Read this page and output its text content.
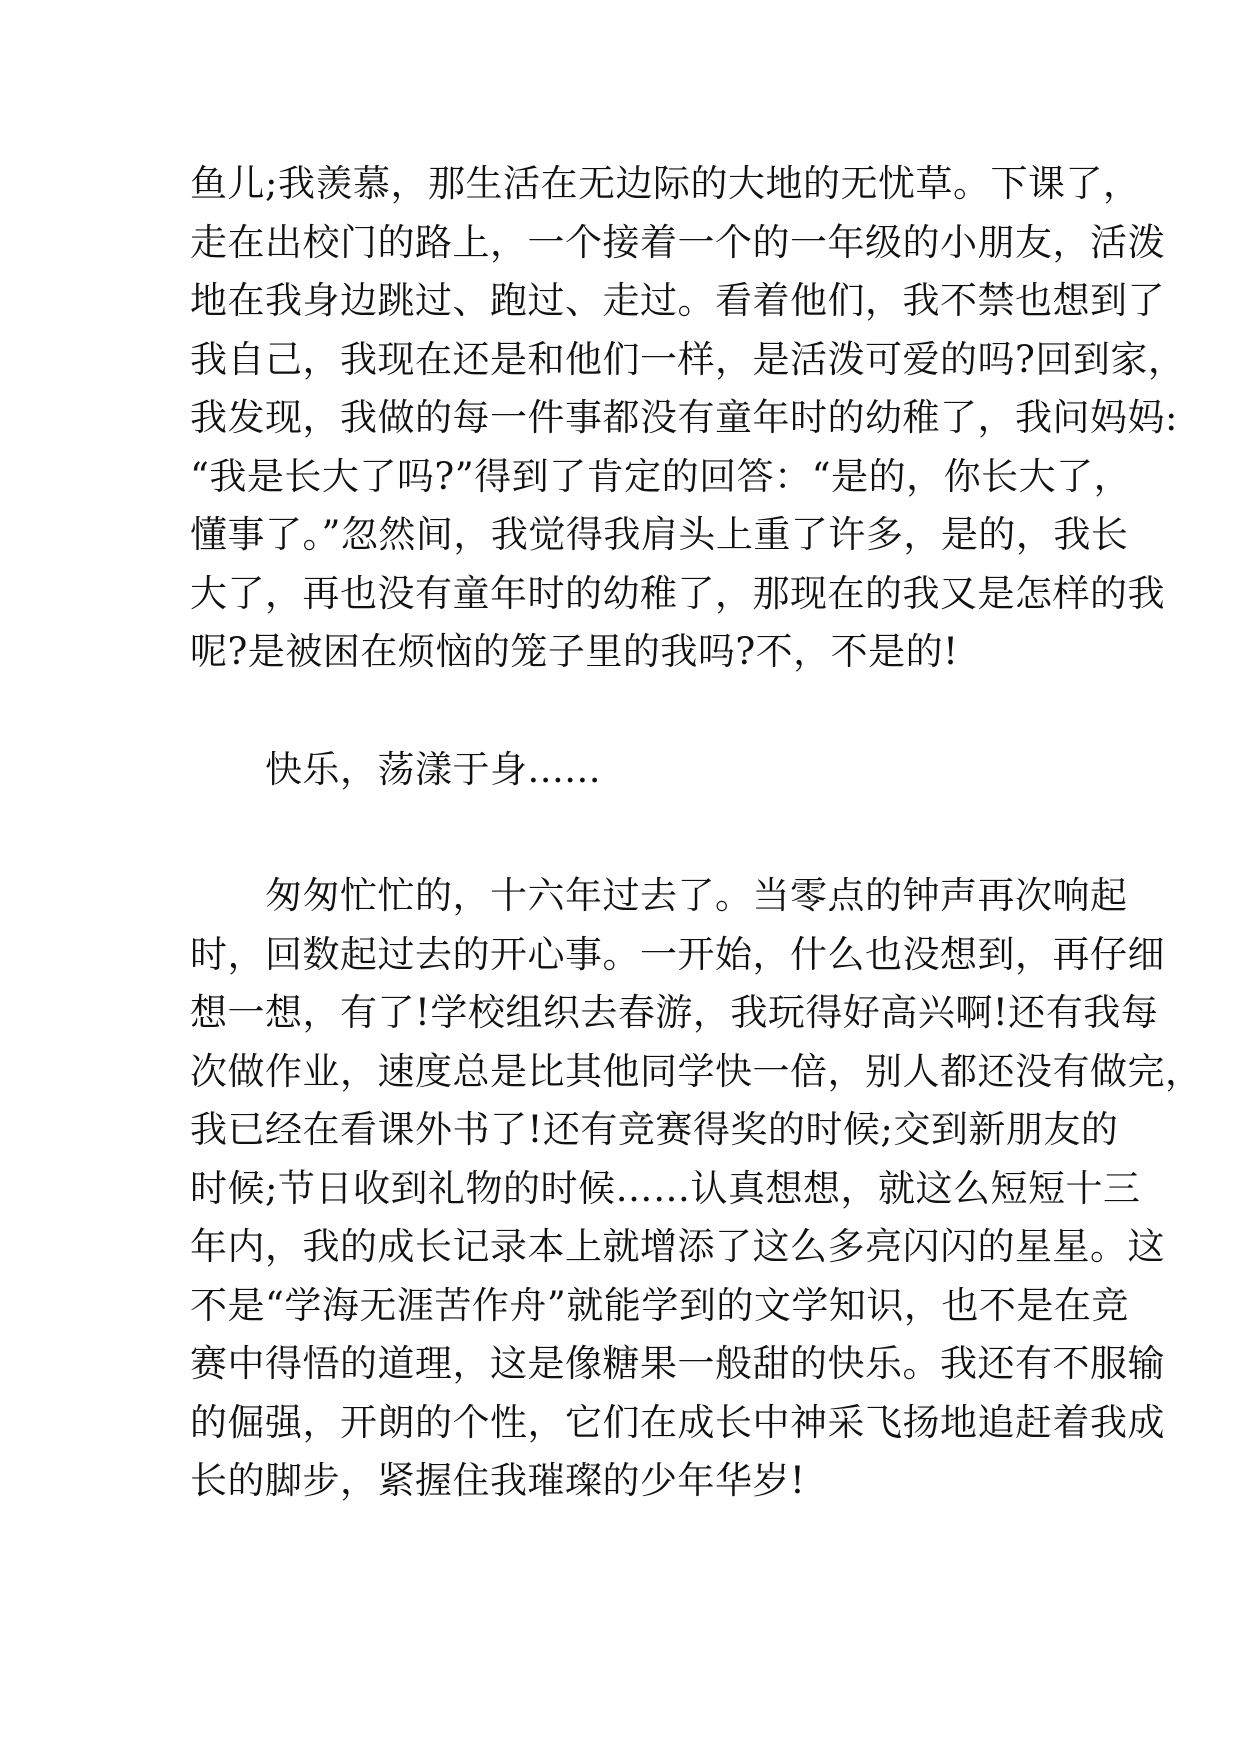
鱼儿;我羡慕，那生活在无边际的大地的无忧草。下课了，
走在出校门的路上，一个接着一个的一年级的小朋友，活泼
地在我身边跳过、跑过、走过。看着他们，我不禁也想到了
我自己，我现在还是和他们一样，是活泼可爱的吗?回到家，
我发现，我做的每一件事都没有童年时的幼稚了，我问妈妈:
“我是长大了吗?”得到了肯定的回答：“是的，你长大了，
懂事了。”忽然间，我觉得我肩头上重了许多，是的，我长
大了，再也没有童年时的幼稚了，那现在的我又是怎样的我
呢?是被困在烦恼的笼子里的我吗?不，不是的!
　　快乐，荡漾于身......
　　匆匆忙忙的，十六年过去了。当零点的钟声再次响起
时，回数起过去的开心事。一开始，什么也没想到，再仔细
想一想，有了!学校组织去春游，我玩得好高兴啊!还有我每
次做作业，速度总是比其他同学快一倍，别人都还没有做完，
我已经在看课外书了!还有竞赛得奖的时候;交到新朋友的
时候;节日收到礼物的时候……认真想想，就这么短短十三
年内，我的成长记录本上就增添了这么多亮闪闪的星星。这
不是“学海无涯苦作舟”就能学到的文学知识，也不是在竞
赛中得悟的道理，这是像糖果一般甜的快乐。我还有不服输
的倔强，开朗的个性，它们在成长中神采飞扬地追赶着我成
长的脚步，紧握住我璀璨的少年华岁!
